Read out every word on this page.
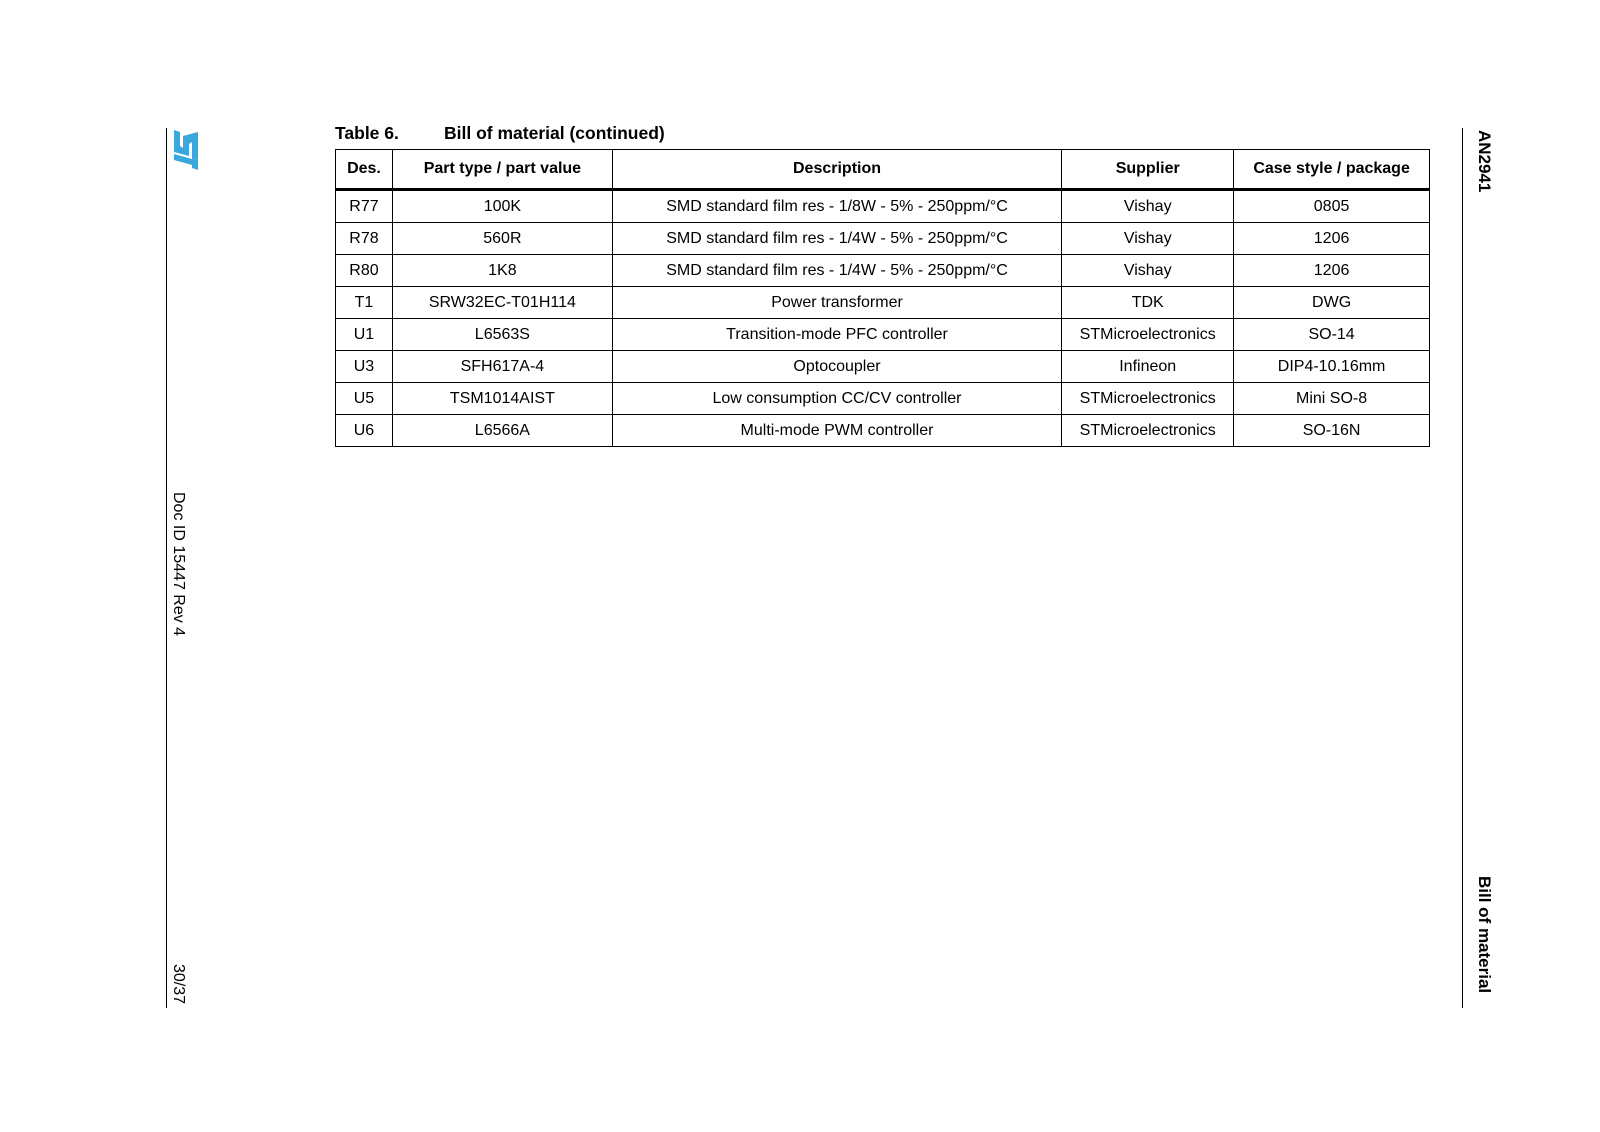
Doc ID 15447 Rev 4
30/37
AN2941
Bill of material
Table 6.	Bill of material (continued)
Des.	Part type / part value	Description	Supplier	Case style / package
R77	100K	SMD standard film res - 1/8W - 5% - 250ppm/°C	Vishay	0805
R78	560R	SMD standard film res - 1/4W - 5% - 250ppm/°C	Vishay	1206
R80	1K8	SMD standard film res - 1/4W - 5% - 250ppm/°C	Vishay	1206
T1	SRW32EC-T01H114	Power transformer	TDK	DWG
U1	L6563S	Transition-mode PFC controller	STMicroelectronics	SO-14
U3	SFH617A-4	Optocoupler	Infineon	DIP4-10.16mm
U5	TSM1014AIST	Low consumption CC/CV controller	STMicroelectronics	Mini SO-8
U6	L6566A	Multi-mode PWM controller	STMicroelectronics	SO-16N
